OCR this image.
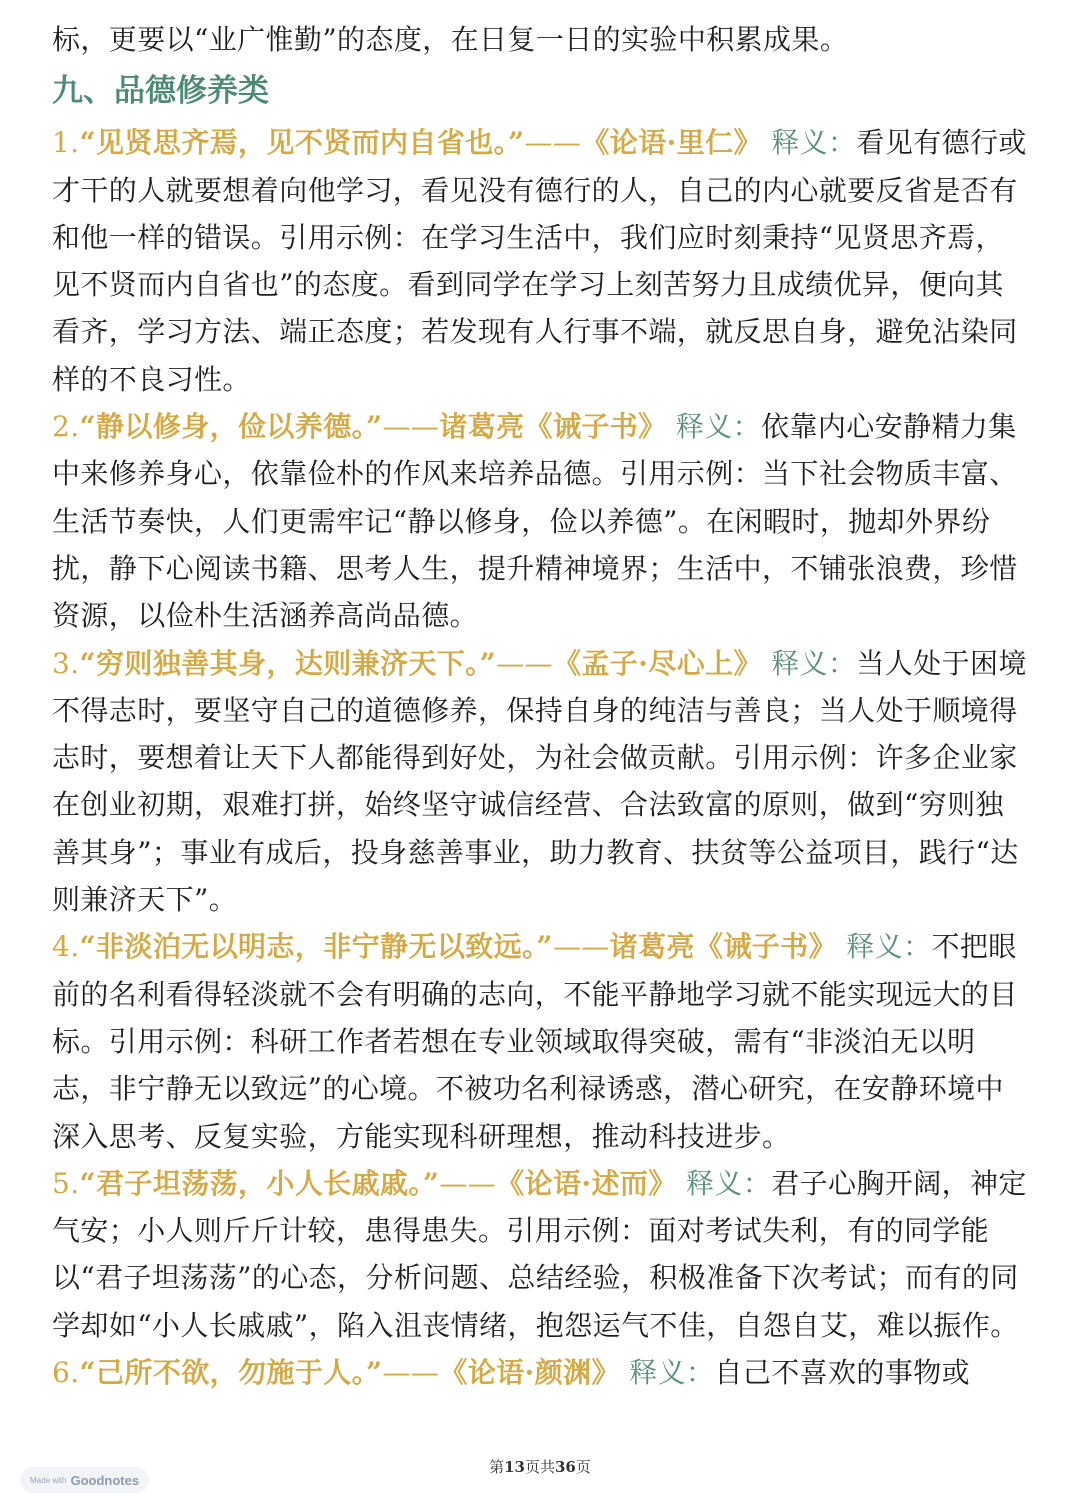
标，更要以“业广惟勤”的态度，在日复一日的实验中积累成果。

九、品德修养类

1.“见贤思齐焉，见不贤而内自省也。”——《论语·里仁》 释义：看见有德行或才干的人就要想着向他学习，看见没有德行的人，自己的内心就要反省是否有和他一样的错误。引用示例：在学习生活中，我们应时刻秉持“见贤思齐焉，见不贤而内自省也”的态度。看到同学在学习上刻苦努力且成绩优异，便向其看齐，学习方法、端正态度；若发现有人行事不端，就反思自身，避免沾染同样的不良习性。

2.“静以修身，俭以养德。”——诸葛亮《诫子书》 释义：依靠内心安静精力集中来修养身心，依靠俭朴的作风来培养品德。引用示例：当下社会物质丰富、生活节奏快，人们更需牢记“静以修身，俭以养德”。在闲暇时，抛却外界纷扰，静下心阅读书籍、思考人生，提升精神境界；生活中，不铺张浪费，珍惜资源，以俭朴生活涵养高尚品德。

3.“穷则独善其身，达则兼济天下。”——《孟子·尽心上》 释义：当人处于困境不得志时，要坚守自己的道德修养，保持自身的纯洁与善良；当人处于顺境得志时，要想着让天下人都能得到好处，为社会做贡献。引用示例：许多企业家在创业初期，艰难打拼，始终坚守诚信经营、合法致富的原则，做到“穷则独善其身”；事业有成后，投身慈善事业，助力教育、扶贫等公益项目，践行“达则兼济天下”。

4.“非淡泊无以明志，非宁静无以致远。”——诸葛亮《诫子书》 释义：不把眼前的名利看得轻淡就不会有明确的志向，不能平静地学习就不能实现远大的目标。引用示例：科研工作者若想在专业领域取得突破，需有“非淡泊无以明志，非宁静无以致远”的心境。不被功名利禄诱惑，潜心研究，在安静环境中深入思考、反复实验，方能实现科研理想，推动科技进步。

5.“君子坦荡荡，小人长戚戚。”——《论语·述而》 释义：君子心胸开阔，神定气安；小人则斤斤计较，患得患失。引用示例：面对考试失利，有的同学能以“君子坦荡荡”的心态，分析问题、总结经验，积极准备下次考试；而有的同学却如“小人长戚戚”，陷入沮丧情绪，抱怨运气不佳，自怨自艾，难以振作。

6.“己所不欲，勿施于人。”——《论语·颜渊》 释义：自己不喜欢的事物或

第13页共36页
Made with Goodnotes
